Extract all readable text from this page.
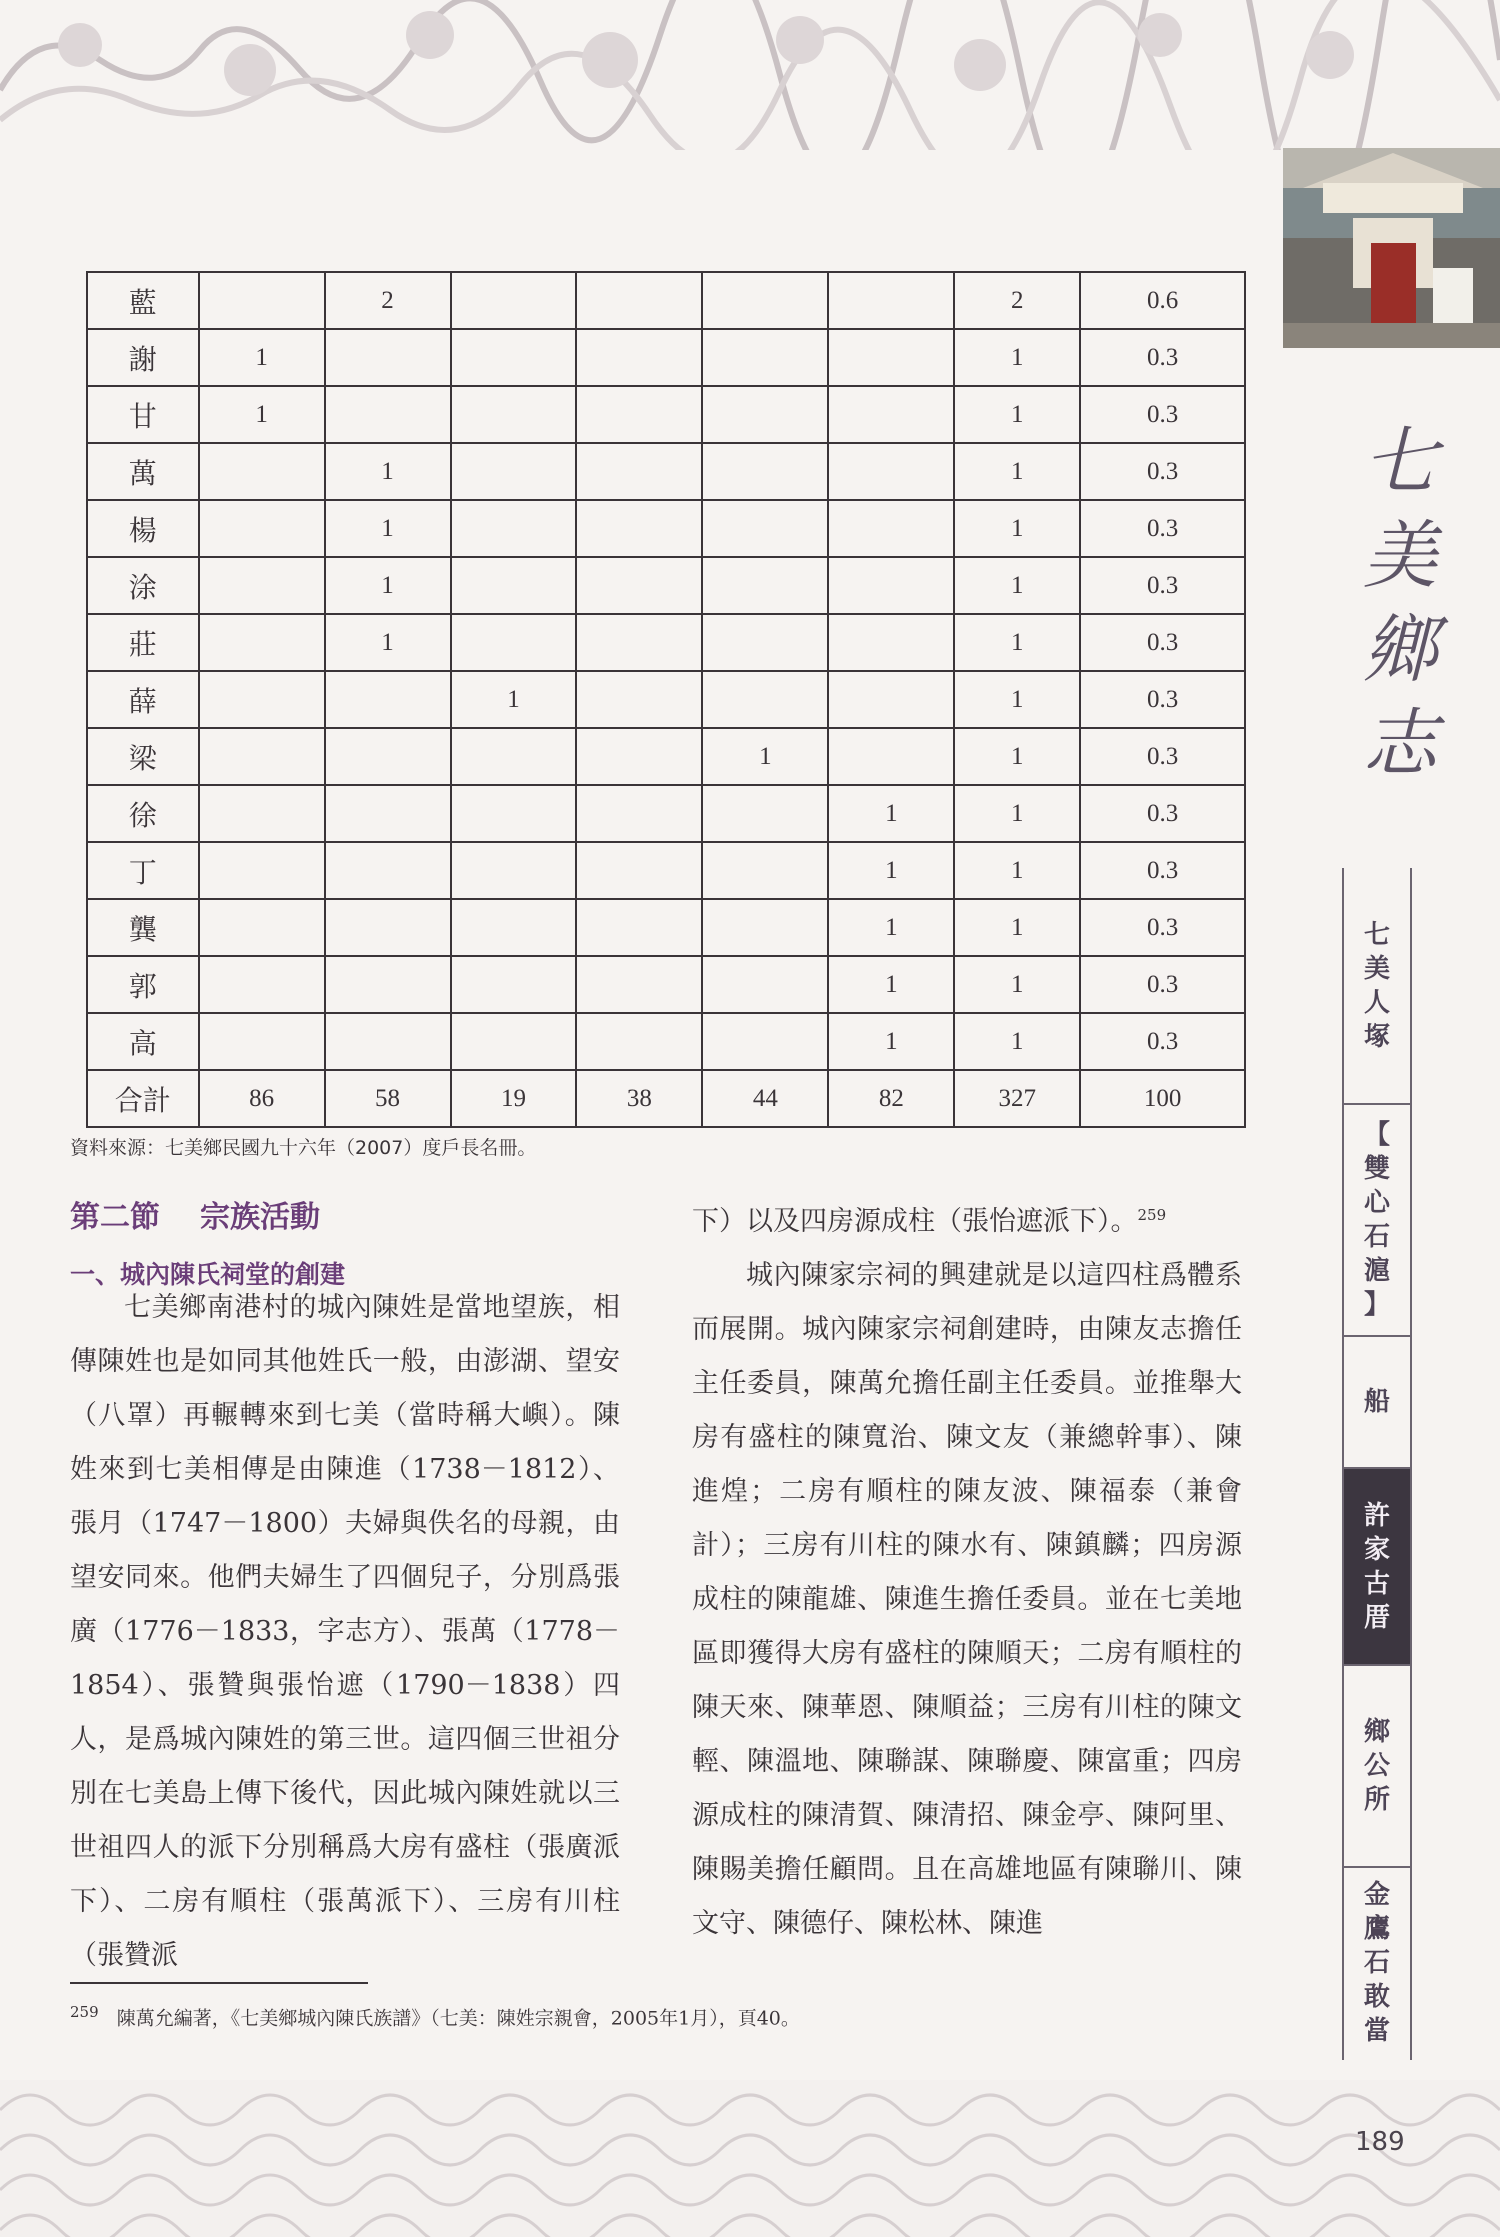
七
美
鄉
志
七
美
人
塚
【
雙
心
石
滬
】
船
許
家
古
厝
鄉
公
所
金
鷹
石
敢
當
藍		2					2	0.6
謝	1						1	0.3
甘	1						1	0.3
萬		1					1	0.3
楊		1					1	0.3
涂		1					1	0.3
莊		1					1	0.3
薛			1				1	0.3
梁					1		1	0.3
徐						1	1	0.3
丁						1	1	0.3
龔						1	1	0.3
郭						1	1	0.3
高						1	1	0.3
合計	86	58	19	38	44	82	327	100
資料來源：七美鄉民國九十六年（2007）度戶長名冊。
第二節 宗族活動
一、城內陳氏祠堂的創建

七美鄉南港村的城內陳姓是當地望族，相傳陳姓也是如同其他姓氏一般，由澎湖、望安（八罩）再輾轉來到七美（當時稱大嶼）。陳姓來到七美相傳是由陳進（1738－1812）、張月（1747－1800）夫婦與佚名的母親，由望安同來。他們夫婦生了四個兒子，分別爲張廣（1776－1833，字志方）、張萬（1778－1854）、張贊與張怡遮（1790－1838）四人，是爲城內陳姓的第三世。這四個三世祖分別在七美島上傳下後代，因此城內陳姓就以三世祖四人的派下分別稱爲大房有盛柱（張廣派下）、二房有順柱（張萬派下）、三房有川柱（張贊派

下）以及四房源成柱（張怡遮派下）。$^{259}$

城內陳家宗祠的興建就是以這四柱爲體系而展開。城內陳家宗祠創建時，由陳友志擔任主任委員，陳萬允擔任副主任委員。並推舉大房有盛柱的陳寬治、陳文友（兼總幹事）、陳進煌；二房有順柱的陳友波、陳福泰（兼會計）；三房有川柱的陳水有、陳鎮麟；四房源成柱的陳龍雄、陳進生擔任委員。並在七美地區即獲得大房有盛柱的陳順天；二房有順柱的陳天來、陳華恩、陳順益；三房有川柱的陳文輕、陳溫地、陳聯謀、陳聯慶、陳富重；四房源成柱的陳清賀、陳清招、陳金亭、陳阿里、陳賜美擔任顧問。且在高雄地區有陳聯川、陳文守、陳德仔、陳松林、陳進

$^{259}$ 陳萬允編著，《七美鄉城內陳氏族譜》（七美：陳姓宗親會，2005年1月），頁40。
189
